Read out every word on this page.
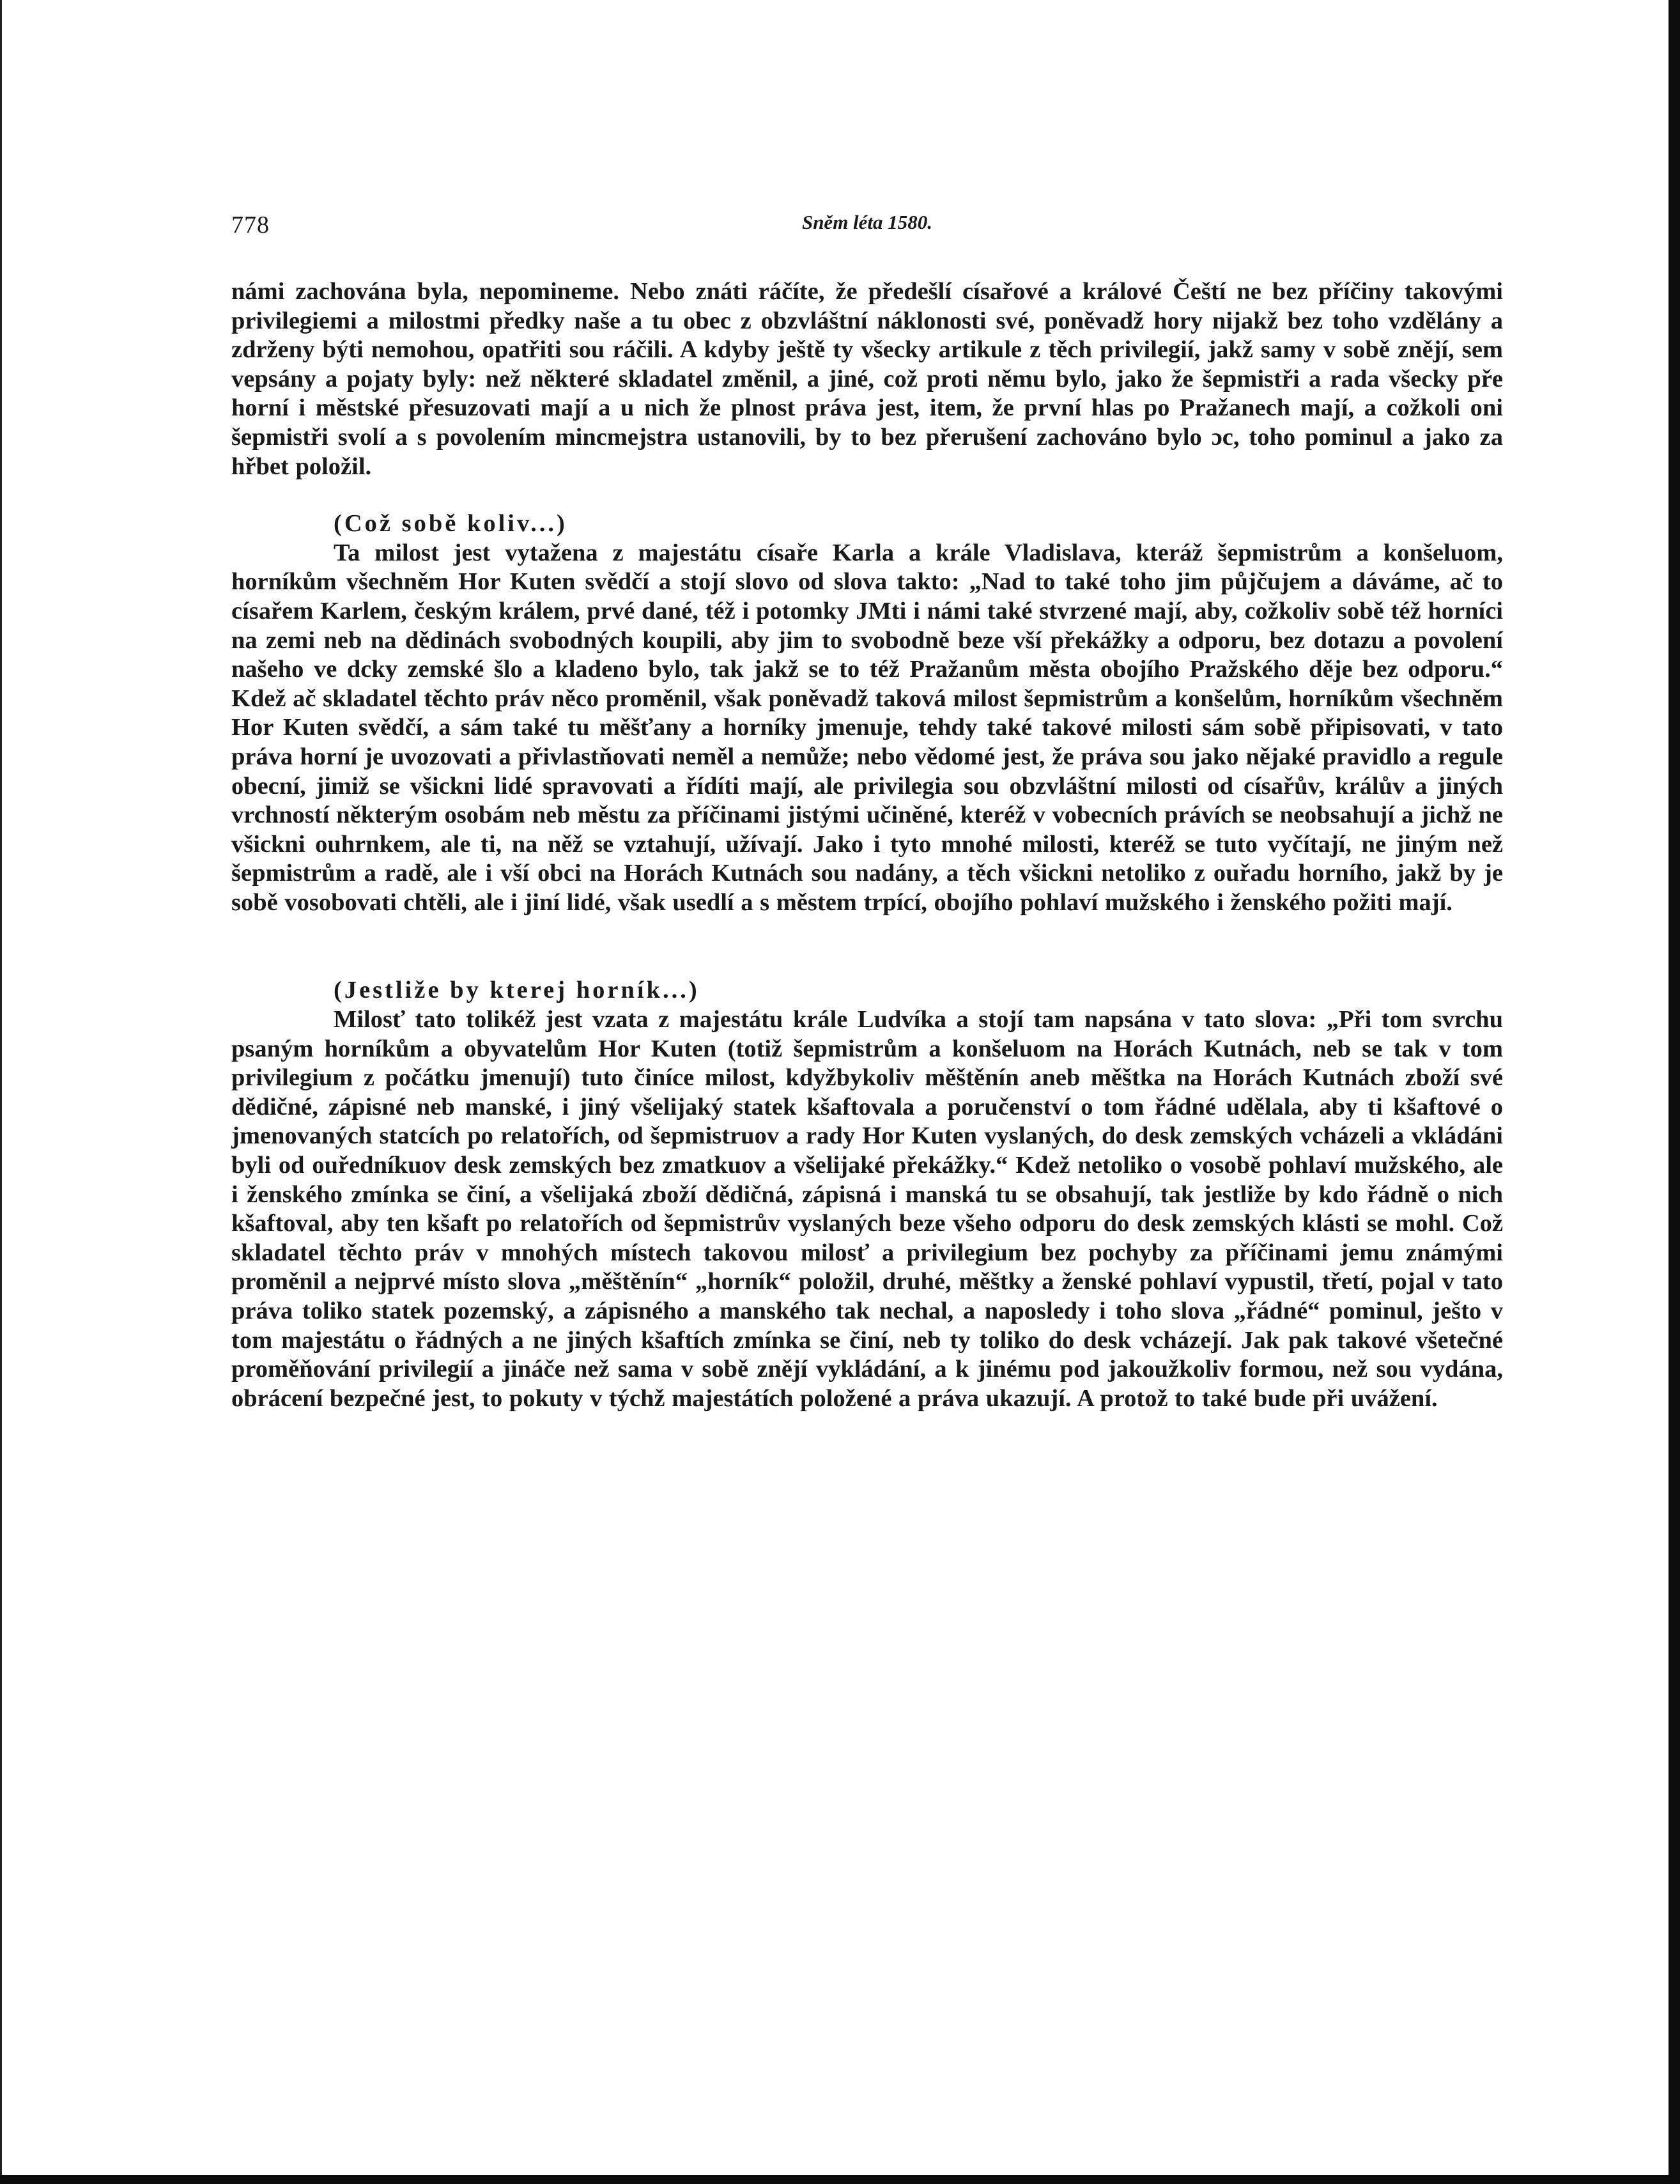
778	Sněm léta 1580.

námi zachována byla, nepomineme. Nebo znáti ráčíte, že předešlí císařové a králové Čeští ne bez příčiny takovými privilegiemi a milostmi předky naše a tu obec z obzvláštní náklonosti své, poněvadž hory nijakž bez toho vzdělány a zdrženy býti nemohou, opatřiti sou ráčili. A kdyby ještě ty všecky artikule z těch privilegií, jakž samy v sobě znějí, sem vepsány a pojaty byly: než některé skladatel změnil, a jiné, což proti němu bylo, jako že šepmistři a rada všecky pře horní i městské přesuzovati mají a u nich že plnost práva jest, item, že první hlas po Pražanech mají, a cožkoli oni šepmistři svolí a s povolením mincmejstra ustanovili, by to bez přerušení zachováno bylo ɔc, toho pominul a jako za hřbet položil.

(Což sobě koliv...)

Ta milost jest vytažena z majestátu císaře Karla a krále Vladislava, kteráž šepmistrům a konšeluom, horníkům všechněm Hor Kuten svědčí a stojí slovo od slova takto: „Nad to také toho jim půjčujem a dáváme, ač to císařem Karlem, českým králem, prvé dané, též i potomky JMti i námi také stvrzené mají, aby, cožkoliv sobě též horníci na zemi neb na dědinách svobodných koupili, aby jim to svobodně beze vší překážky a odporu, bez dotazu a povolení našeho ve dcky zemské šlo a kladeno bylo, tak jakž se to též Pražanům města obojího Pražského děje bez odporu.“ Kdež ač skladatel těchto práv něco proměnil, však poněvadž taková milost šepmistrům a konšelům, horníkům všechněm Hor Kuten svědčí, a sám také tu měšťany a horníky jmenuje, tehdy také takové milosti sám sobě připisovati, v tato práva horní je uvozovati a přivlastňovati neměl a nemůže; nebo vědomé jest, že práva sou jako nějaké pravidlo a regule obecní, jimiž se všickni lidé spravovati a řídíti mají, ale privilegia sou obzvláštní milosti od císařův, králův a jiných vrchností některým osobám neb městu za příčinami jistými učiněné, kteréž v vobecních právích se neobsahují a jichž ne všickni ouhrnkem, ale ti, na něž se vztahují, užívají. Jako i tyto mnohé milosti, kteréž se tuto vyčítají, ne jiným než šepmistrům a radě, ale i vší obci na Horách Kutnách sou nadány, a těch všickni netoliko z ouřadu horního, jakž by je sobě vosobovati chtěli, ale i jiní lidé, však usedlí a s městem trpící, obojího pohlaví mužského i ženského požiti mají.

(Jestliže by kterej horník...)

Milosť tato tolikéž jest vzata z majestátu krále Ludvíka a stojí tam napsána v tato slova: „Při tom svrchu psaným horníkům a obyvatelům Hor Kuten (totiž šepmistrům a konšeluom na Horách Kutnách, neb se tak v tom privilegium z počátku jmenují) tuto činíce milost, kdyžbykoliv měštěnín aneb měštka na Horách Kutnách zboží své dědičné, zápisné neb manské, i jiný všelijaký statek kšaftovala a poručenství o tom řádné udělala, aby ti kšaftové o jmenovaných statcích po relatořích, od šepmistruov a rady Hor Kuten vyslaných, do desk zemských vcházeli a vkládáni byli od ouředníkuov desk zemských bez zmatkuov a všelijaké překážky.“ Kdež netoliko o vosobě pohlaví mužského, ale i ženského zmínka se činí, a všelijaká zboží dědičná, zápisná i manská tu se obsahují, tak jestliže by kdo řádně o nich kšaftoval, aby ten kšaft po relatořích od šepmistrův vyslaných beze všeho odporu do desk zemských klásti se mohl. Což skladatel těchto práv v mnohých místech takovou milosť a privilegium bez pochyby za příčinami jemu známými proměnil a nejprvé místo slova „měštěnín“ „horník“ položil, druhé, měštky a ženské pohlaví vypustil, třetí, pojal v tato práva toliko statek pozemský, a zápisného a manského tak nechal, a naposledy i toho slova „řádné“ pominul, ješto v tom majestátu o řádných a ne jiných kšaftích zmínka se činí, neb ty toliko do desk vcházejí. Jak pak takové všetečné proměňování privilegií a jináče než sama v sobě znějí vykládání, a k jinému pod jakoužkoliv formou, než sou vydána, obrácení bezpečné jest, to pokuty v týchž majestátích položené a práva ukazují. A protož to také bude při uvážení.
